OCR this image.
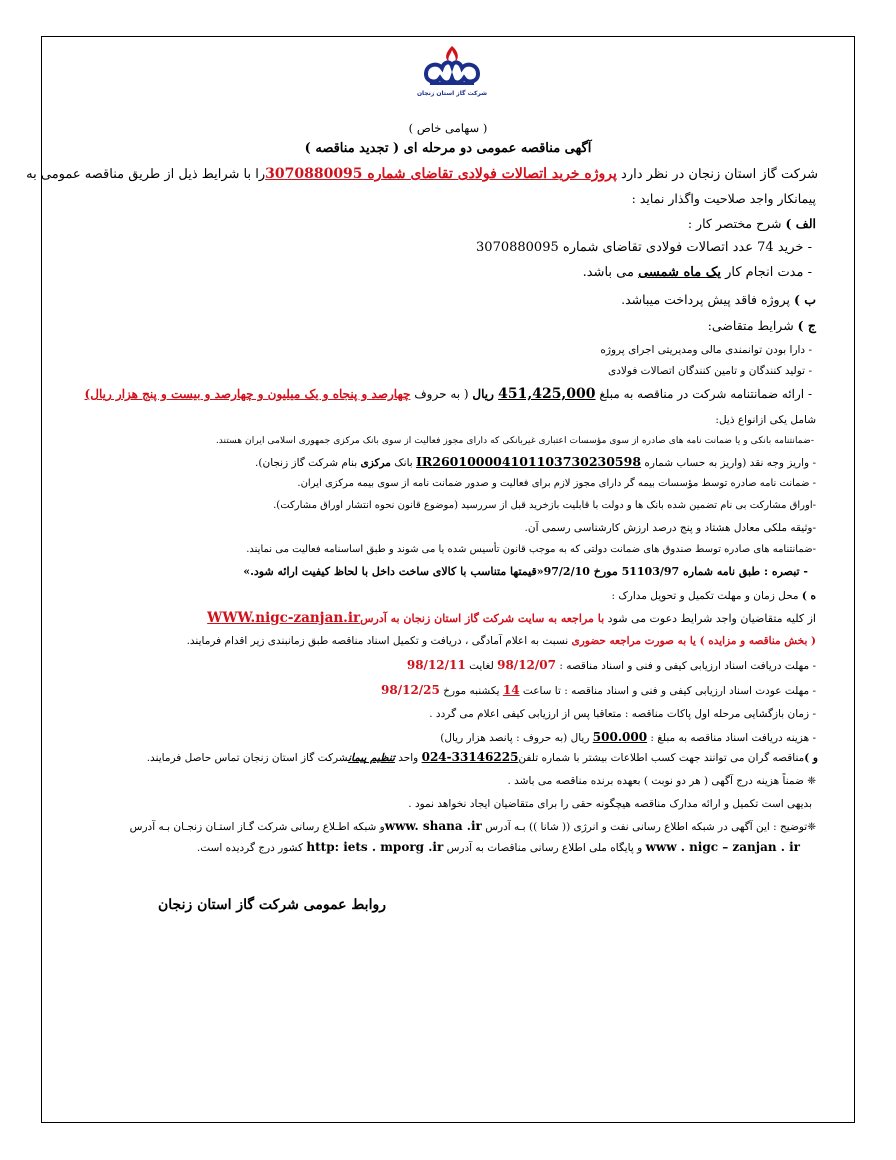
شرکت گاز استان زنجان
( سهامی خاص )
آگهی مناقصه عمومی دو مرحله ای ( تجدید مناقصه )
شرکت گاز استان زنجان در نظر دارد پروژه خرید اتصالات فولادی تقاضای شماره 3070880095را با شرایط ذیل از طریق مناقصه عمومی به
پیمانکار واجد صلاحیت واگذار نماید :
الف ) شرح مختصر کار :
- خرید 74 عدد اتصالات فولادی تقاضای شماره 3070880095
- مدت انجام کار یک ماه شمسی می باشد.
ب ) پروژه فاقد پیش پرداخت میباشد.
ج ) شرایط متقاضی:
- دارا بودن توانمندی مالی ومدیریتی اجرای پروژه
- تولید کنندگان و تامین کنندگان اتصالات فولادی
- ارائه ضمانتنامه شرکت در مناقصه به مبلغ 451,425,000 ریال ( به حروف چهارصد و پنجاه و یک میلیون و چهارصد و بیست و پنج هزار ریال)
شامل یکی ازانواع ذیل:
-ضمانتنامه بانکی و یا ضمانت نامه های صادره از سوی مؤسسات اعتباری غیربانکی که دارای مجوز فعالیت از سوی بانک مرکزی جمهوری اسلامی ایران هستند.
- واریز وجه نقد (واریز به حساب شماره IR260100004101103730230598 بانک مرکزی بنام شرکت گاز زنجان).
- ضمانت نامه صادره توسط مؤسسات بیمه گر دارای مجوز لازم برای فعالیت و صدور ضمانت نامه از سوی بیمه مرکزی ایران.
-اوراق مشارکت بی نام تضمین شده بانک ها و دولت با قابلیت بازخرید قبل از سررسید (موضوع قانون نحوه انتشار اوراق مشارکت).
-وثیقه ملکی معادل هشتاد و پنج درصد ارزش کارشناسی رسمی آن.
-ضمانتنامه های صادره توسط صندوق های ضمانت دولتی که به موجب قانون تأسیس شده یا می شوند و طبق اساسنامه فعالیت می نمایند.
- تبصره : طبق نامه شماره 51103/97 مورخ 97/2/10«قیمتها متناسب با کالای ساخت داخل با لحاظ کیفیت ارائه شود.»
ه ) محل زمان و مهلت تکمیل و تحویل مدارک :
از کلیه متقاضیان واجد شرایط دعوت می شود با مراجعه به سایت شرکت گاز استان زنجان به آدرسWWW.nigc-zanjan.ir
( بخش مناقصه و مزایده ) یا به صورت مراجعه حضوری نسبت به اعلام آمادگی ، دریافت و تکمیل اسناد مناقصه طبق زمانبندی زیر اقدام فرمایند.
- مهلت دریافت اسناد ارزیابی کیفی و فنی و اسناد مناقصه : 98/12/07 لغایت 98/12/11
- مهلت عودت اسناد ارزیابی کیفی و فنی و اسناد مناقصه : تا ساعت 14 یکشنبه مورخ 98/12/25
- زمان بازگشایی مرحله اول پاکات مناقصه : متعاقبا پس از ارزیابی کیفی اعلام می گردد .
- هزینه دریافت اسناد مناقصه به مبلغ : 500.000 ریال (به حروف : پانصد هزار ریال)
و )مناقصه گران می توانند جهت کسب اطلاعات بیشتر با شماره تلفن024-33146225 واحد تنظیم پیمانشرکت گاز استان زنجان تماس حاصل فرمایند.
❈ ضمناً هزینه درج آگهی ( هر دو نوبت ) بعهده برنده مناقصه می باشد .
بدیهی است تکمیل و ارائه مدارک مناقصه هیچگونه حقی را برای متقاضیان ایجاد نخواهد نمود .
❈توضیح : این آگهی در شبکه اطلاع رسانی نفت و انرژی (( شانا )) بـه آدرس www. shana .irو شبکه اطـلاع رسانی شرکت گـاز استـان زنجـان بـه آدرس
www . nigc – zanjan . ir و پایگاه ملی اطلاع رسانی مناقصات به آدرس http: iets . mporg .ir کشور درج گردیده است.
روابط عمومی شرکت گاز استان زنجان
